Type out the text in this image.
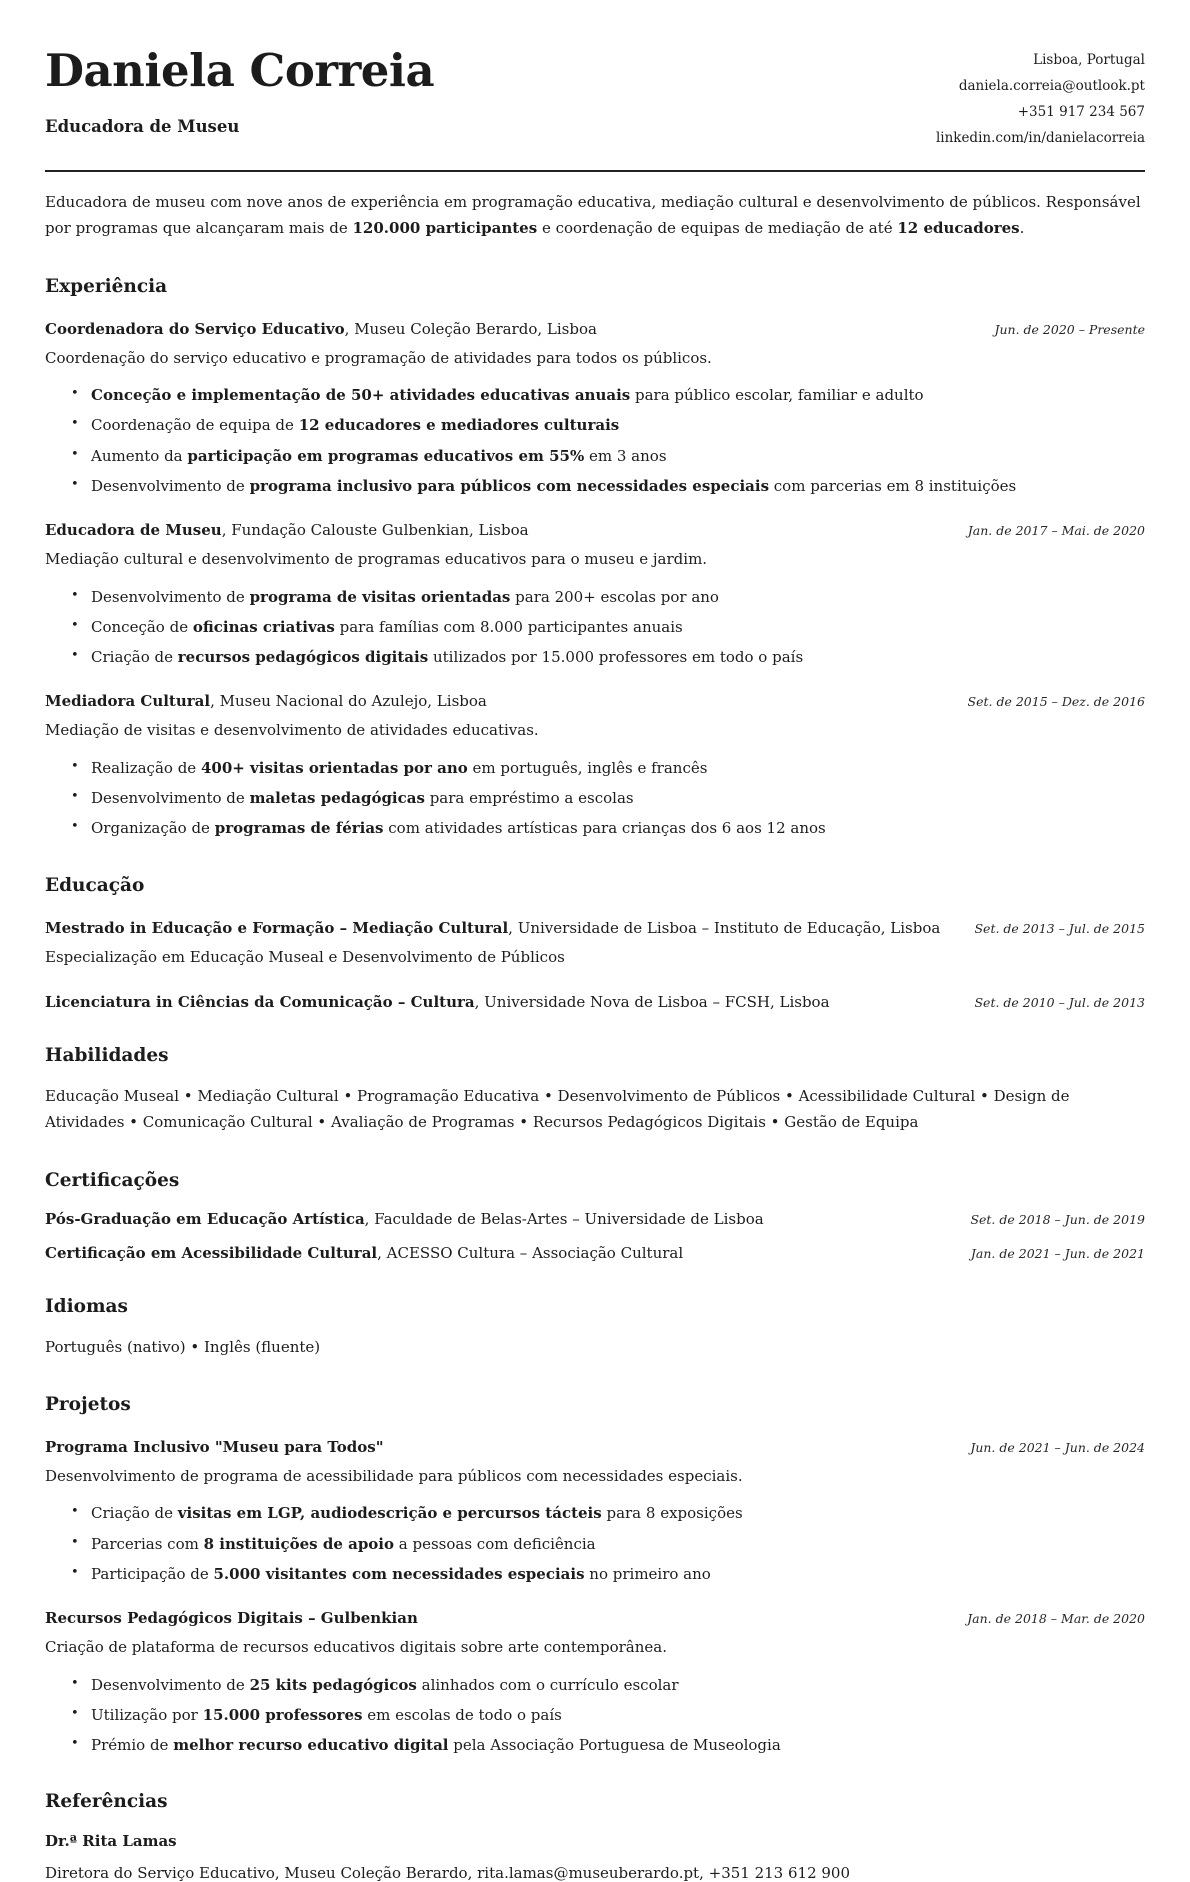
Daniela Correia

Educadora de Museu

Lisboa, Portugal
daniela.correia@outlook.pt
+351 917 234 567
linkedin.com/in/danielacorreia

Educadora de museu com nove anos de experiência em programação educativa, mediação cultural e desenvolvimento de públicos. Responsável por programas que alcançaram mais de 120.000 participantes e coordenação de equipas de mediação de até 12 educadores.

Experiência
Coordenadora do Serviço Educativo, Museu Coleção Berardo, Lisboa	Jun. de 2020 – Presente

Coordenação do serviço educativo e programação de atividades para todos os públicos.

• Conceção e implementação de 50+ atividades educativas anuais para público escolar, familiar e adulto
• Coordenação de equipa de 12 educadores e mediadores culturais
• Aumento da participação em programas educativos em 55% em 3 anos
• Desenvolvimento de programa inclusivo para públicos com necessidades especiais com parcerias em 8 instituições
Educadora de Museu, Fundação Calouste Gulbenkian, Lisboa	Jan. de 2017 – Mai. de 2020

Mediação cultural e desenvolvimento de programas educativos para o museu e jardim.

• Desenvolvimento de programa de visitas orientadas para 200+ escolas por ano
• Conceção de oficinas criativas para famílias com 8.000 participantes anuais
• Criação de recursos pedagógicos digitais utilizados por 15.000 professores em todo o país
Mediadora Cultural, Museu Nacional do Azulejo, Lisboa	Set. de 2015 – Dez. de 2016

Mediação de visitas e desenvolvimento de atividades educativas.

• Realização de 400+ visitas orientadas por ano em português, inglês e francês
• Desenvolvimento de maletas pedagógicas para empréstimo a escolas
• Organização de programas de férias com atividades artísticas para crianças dos 6 aos 12 anos
Educação
Mestrado in Educação e Formação – Mediação Cultural, Universidade de Lisboa – Instituto de Educação, Lisboa	Set. de 2013 – Jul. de 2015

Especialização em Educação Museal e Desenvolvimento de Públicos

Licenciatura in Ciências da Comunicação – Cultura, Universidade Nova de Lisboa – FCSH, Lisboa	Set. de 2010 – Jul. de 2013
Habilidades

Educação Museal • Mediação Cultural • Programação Educativa • Desenvolvimento de Públicos • Acessibilidade Cultural • Design de Atividades • Comunicação Cultural • Avaliação de Programas • Recursos Pedagógicos Digitais • Gestão de Equipa

Certificações
Pós-Graduação em Educação Artística, Faculdade de Belas-Artes – Universidade de Lisboa	Set. de 2018 – Jun. de 2019
Certificação em Acessibilidade Cultural, ACESSO Cultura – Associação Cultural	Jan. de 2021 – Jun. de 2021
Idiomas

Português (nativo) • Inglês (fluente)

Projetos
Programa Inclusivo "Museu para Todos"	Jun. de 2021 – Jun. de 2024

Desenvolvimento de programa de acessibilidade para públicos com necessidades especiais.

• Criação de visitas em LGP, audiodescrição e percursos tácteis para 8 exposições
• Parcerias com 8 instituições de apoio a pessoas com deficiência
• Participação de 5.000 visitantes com necessidades especiais no primeiro ano
Recursos Pedagógicos Digitais – Gulbenkian	Jan. de 2018 – Mar. de 2020

Criação de plataforma de recursos educativos digitais sobre arte contemporânea.

• Desenvolvimento de 25 kits pedagógicos alinhados com o currículo escolar
• Utilização por 15.000 professores em escolas de todo o país
• Prémio de melhor recurso educativo digital pela Associação Portuguesa de Museologia
Referências

Dr.ª Rita Lamas

Diretora do Serviço Educativo, Museu Coleção Berardo, rita.lamas@museuberardo.pt, +351 213 612 900
